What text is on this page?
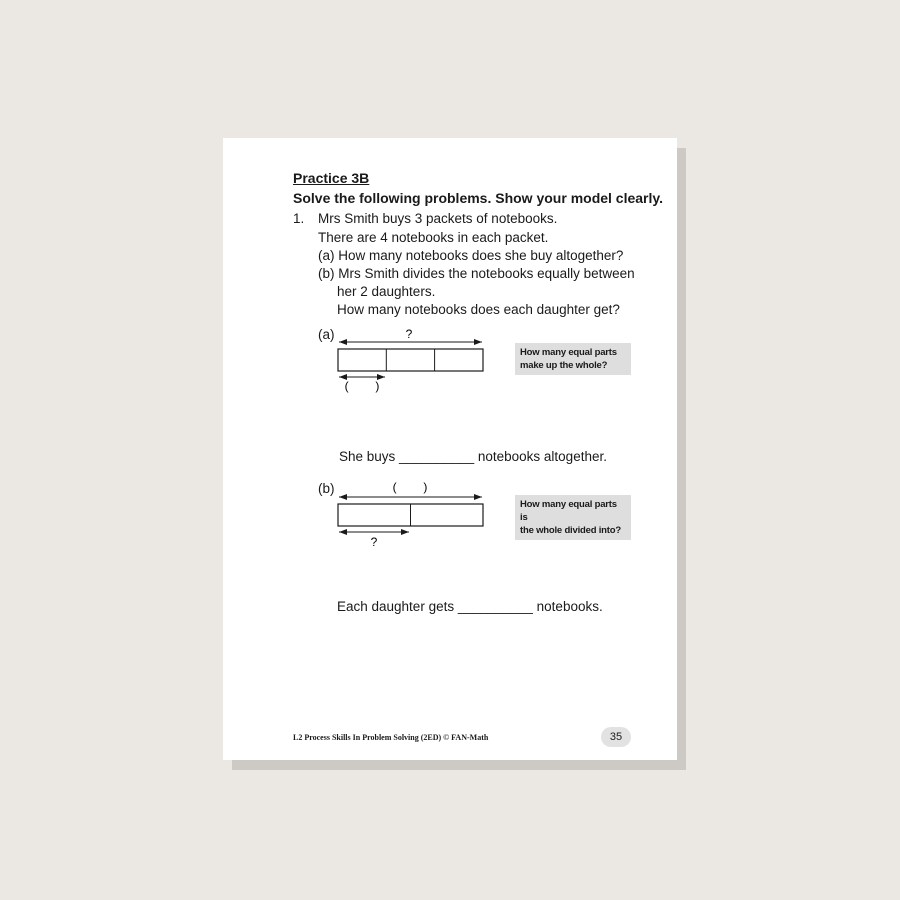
Practice 3B
Solve the following problems. Show your model clearly.
1. Mrs Smith buys 3 packets of notebooks.
There are 4 notebooks in each packet.
(a) How many notebooks does she buy altogether?
(b) Mrs Smith divides the notebooks equally between
her 2 daughters.
How many notebooks does each daughter get?
(a)	?
(        )
How many equal parts
make up the whole?
She buys __________ notebooks altogether.
(b)	(        )
?
How many equal parts is
the whole divided into?
Each daughter gets __________ notebooks.
L2 Process Skills In Problem Solving (2ED) © FAN-Math	35
